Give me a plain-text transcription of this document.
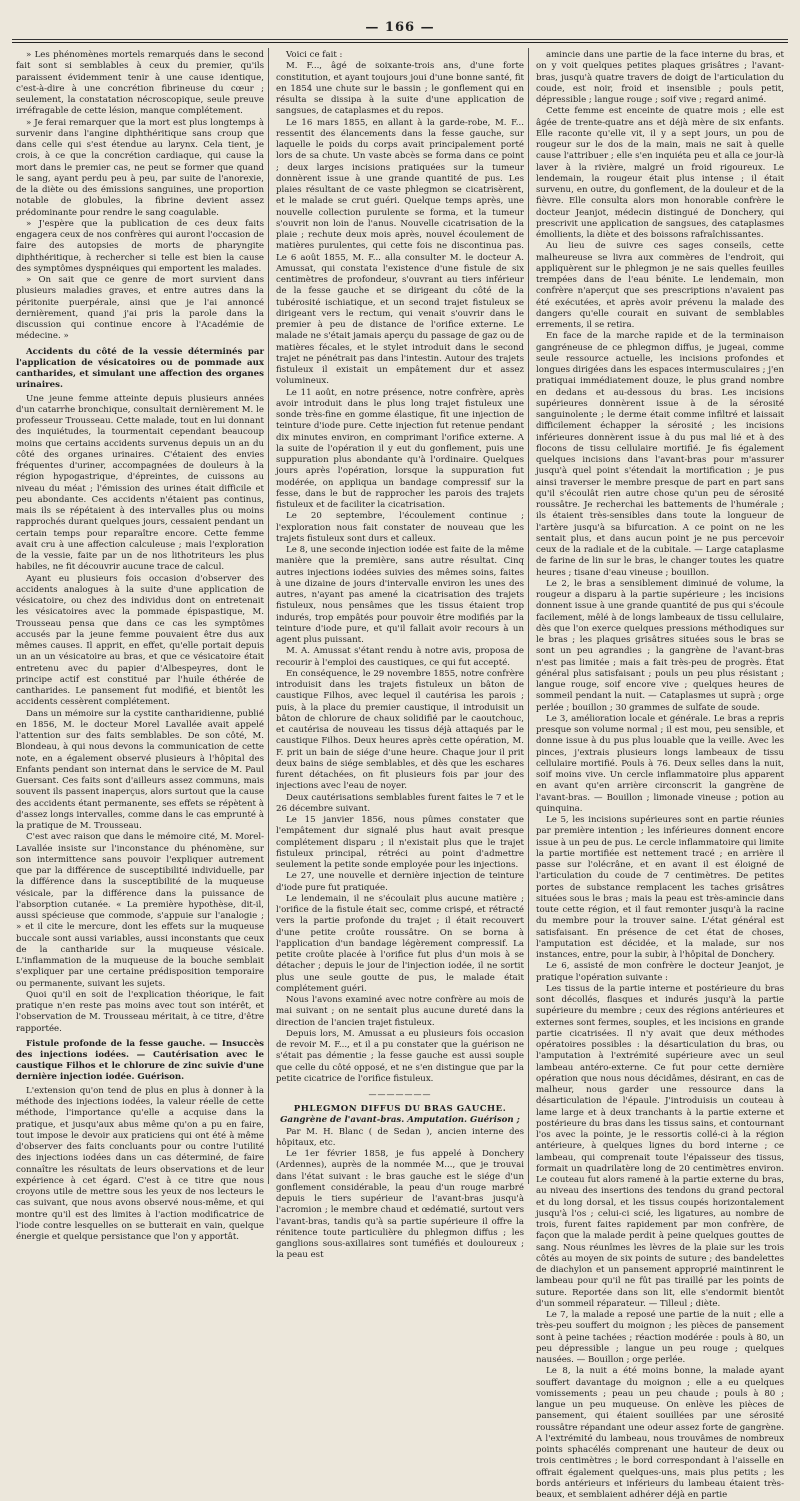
— 166 —

» Les phénomènes mortels remarqués dans le second fait sont si semblables à ceux du premier, qu'ils paraissent évidemment tenir à une cause identique, c'est-à-dire à une concrétion fibrineuse du cœur ; seulement, la constatation nécroscopique, seule preuve irréfragable de cette lésion, manque complétement.

» Je ferai remarquer que la mort est plus longtemps à survenir dans l'angine diphthéritique sans croup que dans celle qui s'est étendue au larynx. Cela tient, je crois, à ce que la concrétion cardiaque, qui cause la mort dans le premier cas, ne peut se former que quand le sang, ayant perdu peu à peu, par suite de l'anorexie, de la diète ou des émissions sanguines, une proportion notable de globules, la fibrine devient assez prédominante pour rendre le sang coagulable.

» J'espère que la publication de ces deux faits engagera ceux de nos confrères qui auront l'occasion de faire des autopsies de morts de pharyngite diphthéritique, à rechercher si telle est bien la cause des symptômes dyspnéiques qui emportent les malades.

» On sait que ce genre de mort survient dans plusieurs maladies graves, et entre autres dans la péritonite puerpérale, ainsi que je l'ai annoncé dernièrement, quand j'ai pris la parole dans la discussion qui continue encore à l'Académie de médecine. »

Accidents du côté de la vessie déterminés par l'application de vésicatoires ou de pommade aux cantharides, et simulant une affection des organes urinaires.

Une jeune femme atteinte depuis plusieurs années d'un catarrhe bronchique, consultait dernièrement M. le professeur Trousseau. Cette malade, tout en lui donnant des inquiétudes, la tourmentait cependant beaucoup moins que certains accidents survenus depuis un an du côté des organes urinaires. C'étaient des envies fréquentes d'uriner, accompagnées de douleurs à la région hypogastrique, d'épreintes, de cuissons au niveau du méat ; l'émission des urines était difficile et peu abondante. Ces accidents n'étaient pas continus, mais ils se répétaient à des intervalles plus ou moins rapprochés durant quelques jours, cessaient pendant un certain temps pour reparaître encore. Cette femme avait cru à une affection calculeuse ; mais l'exploration de la vessie, faite par un de nos lithotriteurs les plus habiles, ne fit découvrir aucune trace de calcul.

Ayant eu plusieurs fois occasion d'observer des accidents analogues à la suite d'une application de vésicatoire, ou chez des individus dont on entretenait les vésicatoires avec la pommade épispastique, M. Trousseau pensa que dans ce cas les symptômes accusés par la jeune femme pouvaient être dus aux mêmes causes. Il apprit, en effet, qu'elle portait depuis un an un vésicatoire au bras, et que ce vésicatoire était entretenu avec du papier d'Albespeyres, dont le principe actif est constitué par l'huile éthérée de cantharides. Le pansement fut modifié, et bientôt les accidents cessèrent complétement.

Dans un mémoire sur la cystite cantharidienne, publié en 1856, M. le docteur Morel Lavallée avait appelé l'attention sur des faits semblables. De son côté, M. Blondeau, à qui nous devons la communication de cette note, en a également observé plusieurs à l'hôpital des Enfants pendant son internat dans le service de M. Paul Guersant. Ces faits sont d'ailleurs assez communs, mais souvent ils passent inaperçus, alors surtout que la cause des accidents étant permanente, ses effets se répètent à d'assez longs intervalles, comme dans le cas emprunté à la pratique de M. Trousseau.

C'est avec raison que dans le mémoire cité, M. Morel-Lavallée insiste sur l'inconstance du phénomène, sur son intermittence sans pouvoir l'expliquer autrement que par la différence de susceptibilité individuelle, par la différence dans la susceptibilité de la muqueuse vésicale, par la différence dans la puissance de l'absorption cutanée. « La première hypothèse, dit-il, aussi spécieuse que commode, s'appuie sur l'analogie ; » et il cite le mercure, dont les effets sur la muqueuse buccale sont aussi variables, aussi inconstants que ceux de la cantharide sur la muqueuse vésicale. L'inflammation de la muqueuse de la bouche semblait s'expliquer par une certaine prédisposition temporaire ou permanente, suivant les sujets.

Quoi qu'il en soit de l'explication théorique, le fait pratique n'en reste pas moins avec tout son intérêt, et l'observation de M. Trousseau méritait, à ce titre, d'être rapportée.

Fistule profonde de la fesse gauche. — Insuccès des injections iodées. — Cautérisation avec le caustique Filhos et le chlorure de zinc suivie d'une dernière injection iodée. Guérison.

L'extension qu'on tend de plus en plus à donner à la méthode des injections iodées, la valeur réelle de cette méthode, l'importance qu'elle a acquise dans la pratique, et jusqu'aux abus même qu'on a pu en faire, tout impose le devoir aux praticiens qui ont été à même d'observer des faits concluants pour ou contre l'utilité des injections iodées dans un cas déterminé, de faire connaître les résultats de leurs observations et de leur expérience à cet égard. C'est à ce titre que nous croyons utile de mettre sous les yeux de nos lecteurs le cas suivant, que nous avons observé nous-même, et qui montre qu'il est des limites à l'action modificatrice de l'iode contre lesquelles on se butterait en vain, quelque énergie et quelque persistance que l'on y apportât.

Voici ce fait :

M. F..., âgé de soixante-trois ans, d'une forte constitution, et ayant toujours joui d'une bonne santé, fit en 1854 une chute sur le bassin ; le gonflement qui en résulta se dissipa à la suite d'une application de sangsues, de cataplasmes et du repos.

Le 16 mars 1855, en allant à la garde-robe, M. F... ressentit des élancements dans la fesse gauche, sur laquelle le poids du corps avait principalement porté lors de sa chute. Un vaste abcès se forma dans ce point ; deux larges incisions pratiquées sur la tumeur donnèrent issue à une grande quantité de pus. Les plaies résultant de ce vaste phlegmon se cicatrisèrent, et le malade se crut guéri. Quelque temps après, une nouvelle collection purulente se forma, et la tumeur s'ouvrit non loin de l'anus. Nouvelle cicatrisation de la plaie ; rechute deux mois après, nouvel écoulement de matières purulentes, qui cette fois ne discontinua pas. Le 6 août 1855, M. F... alla consulter M. le docteur A. Amussat, qui constata l'existence d'une fistule de six centimètres de profondeur, s'ouvrant au tiers inférieur de la fesse gauche et se dirigeant du côté de la tubérosité ischiatique, et un second trajet fistuleux se dirigeant vers le rectum, qui venait s'ouvrir dans le premier à peu de distance de l'orifice externe. Le malade ne s'était jamais aperçu du passage de gaz ou de matières fécales, et le stylet introduit dans le second trajet ne pénétrait pas dans l'intestin. Autour des trajets fistuleux il existait un empâtement dur et assez volumineux.

Le 11 août, en notre présence, notre confrère, après avoir introduit dans le plus long trajet fistuleux une sonde très-fine en gomme élastique, fit une injection de teinture d'iode pure. Cette injection fut retenue pendant dix minutes environ, en comprimant l'orifice externe. A la suite de l'opération il y eut du gonflement, puis une suppuration plus abondante qu'à l'ordinaire. Quelques jours après l'opération, lorsque la suppuration fut modérée, on appliqua un bandage compressif sur la fesse, dans le but de rapprocher les parois des trajets fistuleux et de faciliter la cicatrisation.

Le 20 septembre, l'écoulement continue ; l'exploration nous fait constater de nouveau que les trajets fistuleux sont durs et calleux.

Le 8, une seconde injection iodée est faite de la même manière que la première, sans autre résultat. Cinq autres injections iodées suivies des mêmes soins, faites à une dizaine de jours d'intervalle environ les unes des autres, n'ayant pas amené la cicatrisation des trajets fistuleux, nous pensâmes que les tissus étaient trop indurés, trop empâtés pour pouvoir être modifiés par la teinture d'iode pure, et qu'il fallait avoir recours à un agent plus puissant.

M. A. Amussat s'étant rendu à notre avis, proposa de recourir à l'emploi des caustiques, ce qui fut accepté.

En conséquence, le 29 novembre 1855, notre confrère introduisit dans les trajets fistuleux un bâton de caustique Filhos, avec lequel il cautérisa les parois ; puis, à la place du premier caustique, il introduisit un bâton de chlorure de chaux solidifié par le caoutchouc, et cautérisa de nouveau les tissus déjà attaqués par le caustique Filhos. Deux heures après cette opération, M. F. prit un bain de siége d'une heure. Chaque jour il prit deux bains de siége semblables, et dès que les eschares furent détachées, on fit plusieurs fois par jour des injections avec l'eau de noyer.

Deux cautérisations semblables furent faites le 7 et le 26 décembre suivant.

Le 15 janvier 1856, nous pûmes constater que l'empâtement dur signalé plus haut avait presque complétement disparu ; il n'existait plus que le trajet fistuleux principal, rétréci au point d'admettre seulement la petite sonde employée pour les injections.

Le 27, une nouvelle et dernière injection de teinture d'iode pure fut pratiquée.

Le lendemain, il ne s'écoulait plus aucune matière ; l'orifice de la fistule était sec, comme crispé, et rétracté vers la partie profonde du trajet ; il était recouvert d'une petite croûte roussâtre. On se borna à l'application d'un bandage légèrement compressif. La petite croûte placée à l'orifice fut plus d'un mois à se détacher ; depuis le jour de l'injection iodée, il ne sortit plus une seule goutte de pus, le malade était complétement guéri.

Nous l'avons examiné avec notre confrère au mois de mai suivant ; on ne sentait plus aucune dureté dans la direction de l'ancien trajet fistuleux.

Depuis lors, M. Amussat a eu plusieurs fois occasion de revoir M. F..., et il a pu constater que la guérison ne s'était pas démentie ; la fesse gauche est aussi souple que celle du côté opposé, et ne s'en distingue que par la petite cicatrice de l'orifice fistuleux.

———————

PHLEGMON DIFFUS DU BRAS GAUCHE.

Gangrène de l'avant-bras. Amputation. Guérison ;

Par M. H. Blanc ( de Sedan ), ancien interne des hôpitaux, etc.

Le 1er février 1858, je fus appelé à Donchery (Ardennes), auprès de la nommée M..., que je trouvai dans l'état suivant : le bras gauche est le siége d'un gonflement considérable, la peau d'un rouge marbré depuis le tiers supérieur de l'avant-bras jusqu'à l'acromion ; le membre chaud et œdématié, surtout vers l'avant-bras, tandis qu'à sa partie supérieure il offre la rénitence toute particulière du phlegmon diffus ; les ganglions sous-axillaires sont tuméfiés et douloureux ; la peau est

amincie dans une partie de la face interne du bras, et on y voit quelques petites plaques grisâtres ; l'avant-bras, jusqu'à quatre travers de doigt de l'articulation du coude, est noir, froid et insensible ; pouls petit, dépressible ; langue rouge ; soif vive ; regard animé.

Cette femme est enceinte de quatre mois ; elle est âgée de trente-quatre ans et déjà mère de six enfants. Elle raconte qu'elle vit, il y a sept jours, un pou de rougeur sur le dos de la main, mais ne sait à quelle cause l'attribuer ; elle s'en inquiéta peu et alla ce jour-là laver à la rivière, malgré un froid rigoureux. Le lendemain, la rougeur était plus intense ; il était survenu, en outre, du gonflement, de la douleur et de la fièvre. Elle consulta alors mon honorable confrère le docteur Jeanjot, médecin distingué de Donchery, qui prescrivit une application de sangsues, des cataplasmes émollients, la diète et des boissons rafraîchissantes.

Au lieu de suivre ces sages conseils, cette malheureuse se livra aux commères de l'endroit, qui appliquèrent sur le phlegmon je ne sais quelles feuilles trempées dans de l'eau bénite. Le lendemain, mon confrère n'aperçut que ses prescriptions n'avaient pas été exécutées, et après avoir prévenu la malade des dangers qu'elle courait en suivant de semblables errements, il se retira.

En face de la marche rapide et de la terminaison gangréneuse de ce phlegmon diffus, je jugeai, comme seule ressource actuelle, les incisions profondes et longues dirigées dans les espaces intermusculaires ; j'en pratiquai immédiatement douze, le plus grand nombre en dedans et au-dessous du bras. Les incisions supérieures donnèrent issue à de la sérosité sanguinolente ; le derme était comme infiltré et laissait difficilement échapper la sérosité ; les incisions inférieures donnèrent issue à du pus mal lié et à des flocons de tissu cellulaire mortifié. Je fis également quelques incisions dans l'avant-bras pour m'assurer jusqu'à quel point s'étendait la mortification ; je pus ainsi traverser le membre presque de part en part sans qu'il s'écoulât rien autre chose qu'un peu de sérosité roussâtre. Je recherchai les battements de l'humérale ; ils étaient très-sensibles dans toute la longueur de l'artère jusqu'à sa bifurcation. A ce point on ne les sentait plus, et dans aucun point je ne pus percevoir ceux de la radiale et de la cubitale. — Large cataplasme de farine de lin sur le bras, le changer toutes les quatre heures ; tisane d'eau vineuse ; bouillon.

Le 2, le bras a sensiblement diminué de volume, la rougeur a disparu à la partie supérieure ; les incisions donnent issue à une grande quantité de pus qui s'écoule facilement, mêlé à de longs lambeaux de tissu cellulaire, dès que l'on exerce quelques pressions méthodiques sur le bras ; les plaques grisâtres situées sous le bras se sont un peu agrandies ; la gangrène de l'avant-bras n'est pas limitée ; mais a fait très-peu de progrès. État général plus satisfaisant ; pouls un peu plus résistant ; langue rouge, soif encore vive ; quelques heures de sommeil pendant la nuit. — Cataplasmes ut suprà ; orge perlée ; bouillon ; 30 grammes de sulfate de soude.

Le 3, amélioration locale et générale. Le bras a repris presque son volume normal ; il est mou, peu sensible, et donne issue à du pus plus louable que la veille. Avec les pinces, j'extrais plusieurs longs lambeaux de tissu cellulaire mortifié. Pouls à 76. Deux selles dans la nuit, soif moins vive. Un cercle inflammatoire plus apparent en avant qu'en arrière circonscrit la gangrène de l'avant-bras. — Bouillon ; limonade vineuse ; potion au quinquina.

Le 5, les incisions supérieures sont en partie réunies par première intention ; les inférieures donnent encore issue à un peu de pus. Le cercle inflammatoire qui limite la partie mortifiée est nettement tracé ; en arrière il passe sur l'olécrâne, et en avant il est éloigné de l'articulation du coude de 7 centimètres. De petites portes de substance remplacent les taches grisâtres situées sous le bras ; mais la peau est très-amincie dans toute cette région, et il faut remonter jusqu'à la racine du membre pour la trouver saine. L'état général est satisfaisant. En présence de cet état de choses, l'amputation est décidée, et la malade, sur nos instances, entre, pour la subir, à l'hôpital de Donchery.

Le 6, assisté de mon confrère le docteur Jeanjot, je pratique l'opération suivante :

Les tissus de la partie interne et postérieure du bras sont décollés, flasques et indurés jusqu'à la partie supérieure du membre ; ceux des régions antérieures et externes sont fermes, souples, et les incisions en grande partie cicatrisées. Il n'y avait que deux méthodes opératoires possibles : la désarticulation du bras, ou l'amputation à l'extrémité supérieure avec un seul lambeau antéro-externe. Ce fut pour cette dernière opération que nous nous décidâmes, désirant, en cas de malheur, nous garder une ressource dans la désarticulation de l'épaule. J'introduisis un couteau à lame large et à deux tranchants à la partie externe et postérieure du bras dans les tissus sains, et contournant l'os avec la pointe, je le ressortis collé-ci à la région antérieure, à quelques lignes du bord interne ; ce lambeau, qui comprenait toute l'épaisseur des tissus, formait un quadrilatère long de 20 centimètres environ. Le couteau fut alors ramené à la partie externe du bras, au niveau des insertions des tendons du grand pectoral et du long dorsal, et les tissus coupés horizontalement jusqu'à l'os ; celui-ci scié, les ligatures, au nombre de trois, furent faites rapidement par mon confrère, de façon que la malade perdit à peine quelques gouttes de sang. Nous réunîmes les lèvres de la plaie sur les trois côtés au moyen de six points de suture ; des bandelettes de diachylon et un pansement approprié maintinrent le lambeau pour qu'il ne fût pas tiraillé par les points de suture. Reportée dans son lit, elle s'endormit bientôt d'un sommeil réparateur. — Tilleul ; diète.

Le 7, la malade a reposé une partie de la nuit ; elle a très-peu souffert du moignon ; les pièces de pansement sont à peine tachées ; réaction modérée : pouls à 80, un peu dépressible ; langue un peu rouge ; quelques nausées. — Bouillon ; orge perlée.

Le 8, la nuit a été moins bonne, la malade ayant souffert davantage du moignon ; elle a eu quelques vomissements ; peau un peu chaude ; pouls à 80 ; langue un peu muqueuse. On enlève les pièces de pansement, qui étaient souillées par une sérosité roussâtre répandant une odeur assez forte de gangrène. A l'extrémité du lambeau, nous trouvâmes de nombreux points sphacélés comprenant une hauteur de deux ou trois centimètres ; le bord correspondant à l'aisselle en offrait également quelques-uns, mais plus petits ; les bords antérieurs et inférieurs du lambeau étaient très-beaux, et semblaient adhérer déjà en partie
